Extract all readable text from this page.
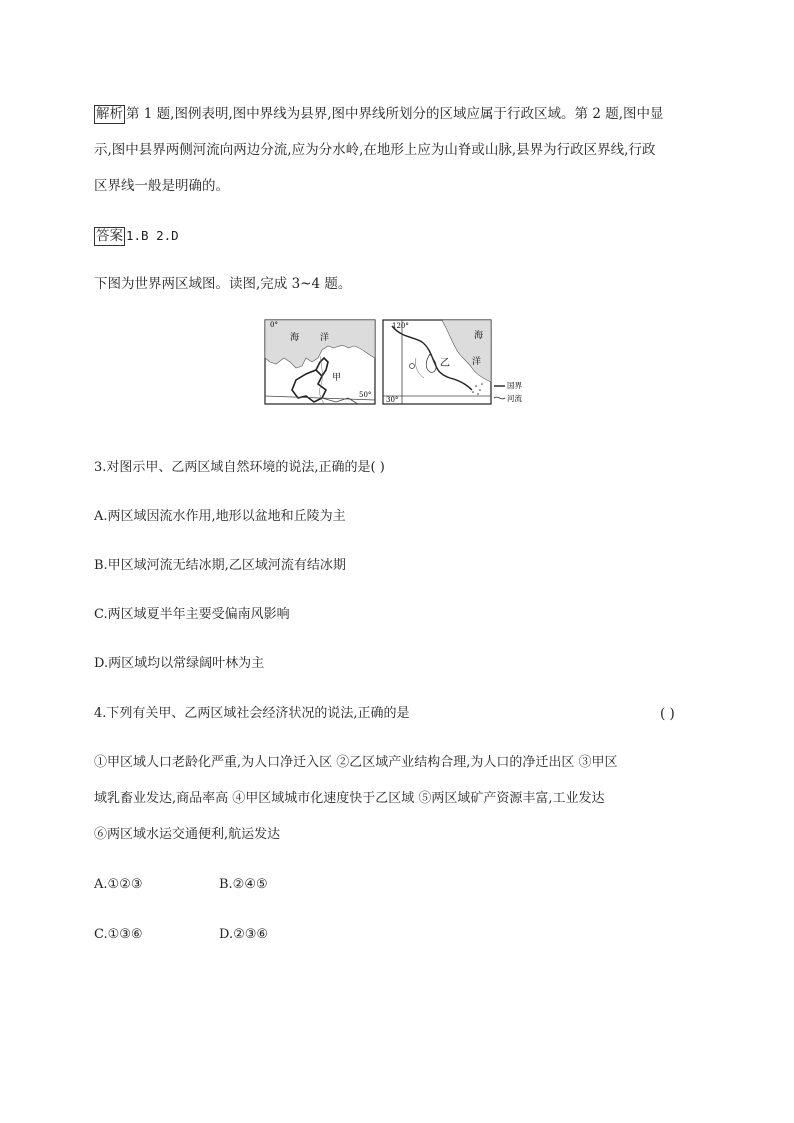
解析 第 1 题,图例表明,图中界线为县界,图中界线所划分的区域应属于行政区域。第 2 题,图中显
示,图中县界两侧河流向两边分流,应为分水岭,在地形上应为山脊或山脉,县界为行政区界线,行政
区界线一般是明确的。
答案 1.B 2.D
下图为世界两区域图。读图,完成 3~4 题。
0°
海 洋
甲
50°
120°
海
洋
乙
30°
国界
河流
3.对图示甲、乙两区域自然环境的说法,正确的是( )
A.两区域因流水作用,地形以盆地和丘陵为主
B.甲区域河流无结冰期,乙区域河流有结冰期
C.两区域夏半年主要受偏南风影响
D.两区域均以常绿阔叶林为主
4.下列有关甲、乙两区域社会经济状况的说法,正确的是	( )
①甲区域人口老龄化严重,为人口净迁入区 ②乙区域产业结构合理,为人口的净迁出区 ③甲区
域乳畜业发达,商品率高 ④甲区域城市化速度快于乙区域 ⑤两区域矿产资源丰富,工业发达
⑥两区域水运交通便利,航运发达
A.①②③	B.②④⑤
C.①③⑥	D.②③⑥
